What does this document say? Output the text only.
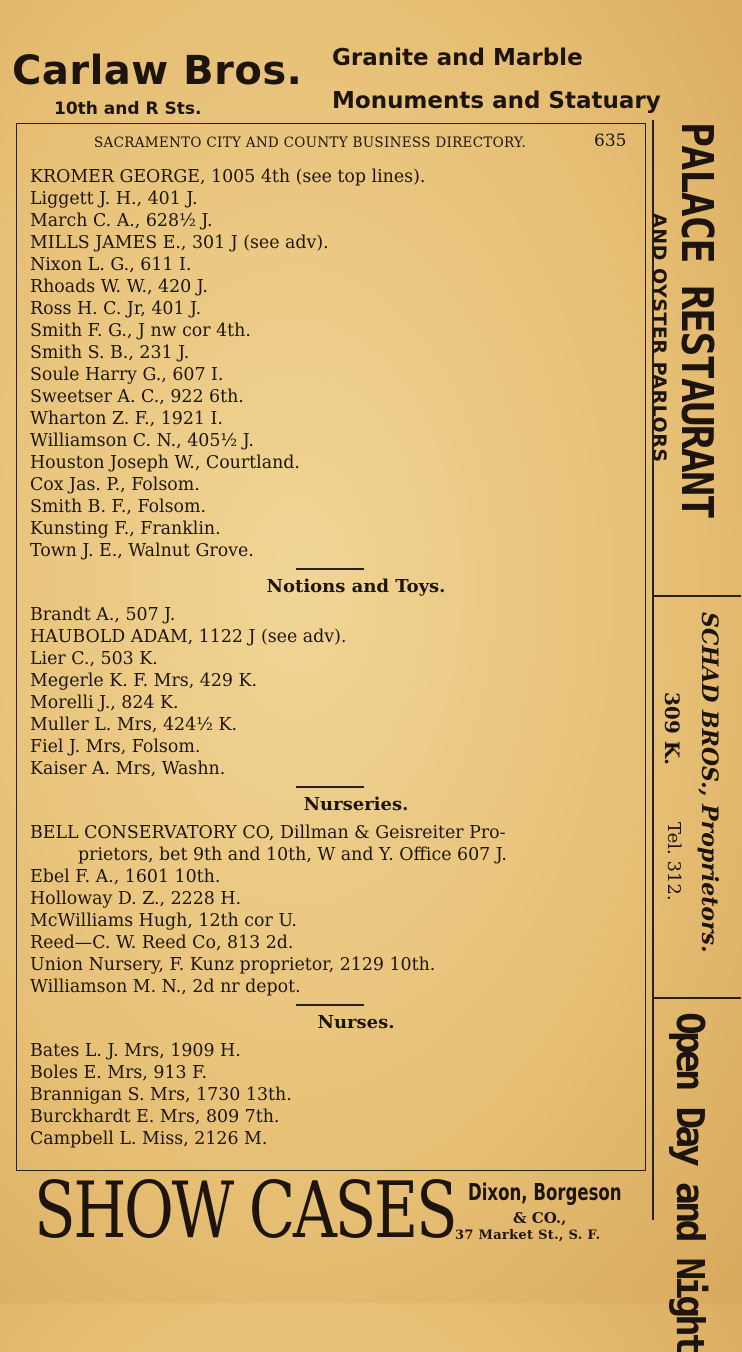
Carlaw Bros.
10th and R Sts.
Granite and Marble
Monuments and Statuary
SACRAMENTO CITY AND COUNTY BUSINESS DIRECTORY.	635
KROMER GEORGE, 1005 4th (see top lines).
Liggett J. H., 401 J.
March C. A., 628½ J.
MILLS JAMES E., 301 J (see adv).
Nixon L. G., 611 I.
Rhoads W. W., 420 J.
Ross H. C. Jr, 401 J.
Smith F. G., J nw cor 4th.
Smith S. B., 231 J.
Soule Harry G., 607 I.
Sweetser A. C., 922 6th.
Wharton Z. F., 1921 I.
Williamson C. N., 405½ J.
Houston Joseph W., Courtland.
Cox Jas. P., Folsom.
Smith B. F., Folsom.
Kunsting F., Franklin.
Town J. E., Walnut Grove.
Notions and Toys.
Brandt A., 507 J.
HAUBOLD ADAM, 1122 J (see adv).
Lier C., 503 K.
Megerle K. F. Mrs, 429 K.
Morelli J., 824 K.
Muller L. Mrs, 424½ K.
Fiel J. Mrs, Folsom.
Kaiser A. Mrs, Washn.
Nurseries.
BELL CONSERVATORY CO, Dillman & Geisreiter Pro-
prietors, bet 9th and 10th, W and Y. Office 607 J.
Ebel F. A., 1601 10th.
Holloway D. Z., 2228 H.
McWilliams Hugh, 12th cor U.
Reed—C. W. Reed Co, 813 2d.
Union Nursery, F. Kunz proprietor, 2129 10th.
Williamson M. N., 2d nr depot.
Nurses.
Bates L. J. Mrs, 1909 H.
Boles E. Mrs, 913 F.
Brannigan S. Mrs, 1730 13th.
Burckhardt E. Mrs, 809 7th.
Campbell L. Miss, 2126 M.
PALACE RESTAURANT
AND OYSTER PARLORS
SCHAD BROS., Proprietors.
309 K.
Tel. 312.
Open Day and Night
SHOW CASES Dixon, Borgeson
& CO.,
37 Market St., S. F.
